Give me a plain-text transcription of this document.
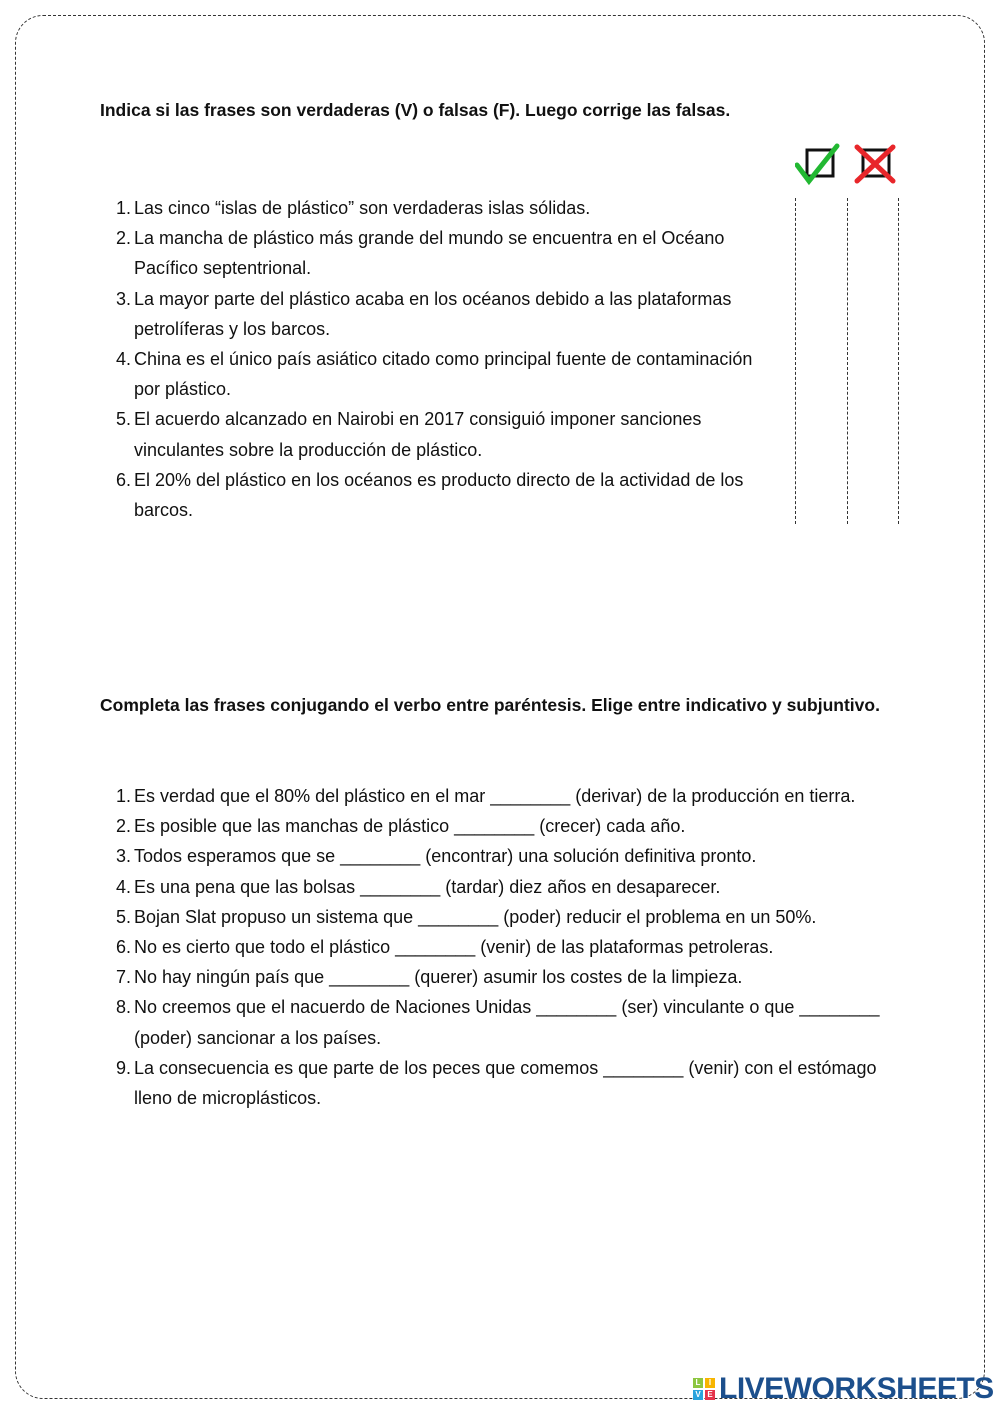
Indica si las frases son verdaderas (V) o falsas (F). Luego corrige las falsas.

1. Las cinco “islas de plástico” son verdaderas islas sólidas.
2. La mancha de plástico más grande del mundo se encuentra en el Océano Pacífico septentrional.
3. La mayor parte del plástico acaba en los océanos debido a las plataformas petrolíferas y los barcos.
4. China es el único país asiático citado como principal fuente de contaminación por plástico.
5. El acuerdo alcanzado en Nairobi en 2017 consiguió imponer sanciones vinculantes sobre la producción de plástico.
6. El 20% del plástico en los océanos es producto directo de la actividad de los barcos.

Completa las frases conjugando el verbo entre paréntesis. Elige entre indicativo y subjuntivo.

1. Es verdad que el 80% del plástico en el mar ________ (derivar) de la producción en tierra.
2. Es posible que las manchas de plástico ________ (crecer) cada año.
3. Todos esperamos que se ________ (encontrar) una solución definitiva pronto.
4. Es una pena que las bolsas ________ (tardar) diez años en desaparecer.
5. Bojan Slat propuso un sistema que ________ (poder) reducir el problema en un 50%.
6. No es cierto que todo el plástico ________ (venir) de las plataformas petroleras.
7. No hay ningún país que ________ (querer) asumir los costes de la limpieza.
8. No creemos que el nacuerdo de Naciones Unidas ________ (ser) vinculante o que ________ (poder) sancionar a los países.
9. La consecuencia es que parte de los peces que comemos ________ (venir) con el estómago lleno de microplásticos.
L	I
V E LIVEWORKSHEETS
